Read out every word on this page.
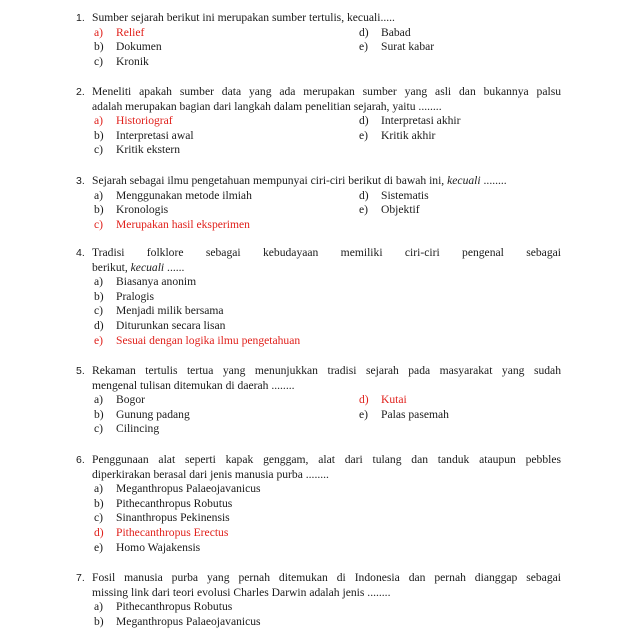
1. Sumber sejarah berikut ini merupakan sumber tertulis, kecuali.....
a) Relief	d) Babad
b) Dokumen	e) Surat kabar
c) Kronik
2. Meneliti apakah sumber data yang ada merupakan sumber yang asli dan bukannya palsu
adalah merupakan bagian dari langkah dalam penelitian sejarah, yaitu ........
a) Historiograf	d) Interpretasi akhir
b) Interpretasi awal	e) Kritik akhir
c) Kritik ekstern
3. Sejarah sebagai ilmu pengetahuan mempunyai ciri-ciri berikut di bawah ini, kecuali ........
a) Menggunakan metode ilmiah	d) Sistematis
b) Kronologis	e) Objektif
c) Merupakan hasil eksperimen
4. Tradisi folklore sebagai kebudayaan memiliki ciri-ciri pengenal sebagai
berikut, kecuali ......
a) Biasanya anonim
b) Pralogis
c) Menjadi milik bersama
d) Diturunkan secara lisan
e) Sesuai dengan logika ilmu pengetahuan
5. Rekaman tertulis tertua yang menunjukkan tradisi sejarah pada masyarakat yang sudah
mengenal tulisan ditemukan di daerah ........
a) Bogor	d) Kutai
b) Gunung padang	e) Palas pasemah
c) Cilincing
6. Penggunaan alat seperti kapak genggam, alat dari tulang dan tanduk ataupun pebbles
diperkirakan berasal dari jenis manusia purba ........
a) Meganthropus Palaeojavanicus
b) Pithecanthropus Robutus
c) Sinanthropus Pekinensis
d) Pithecanthropus Erectus
e) Homo Wajakensis
7. Fosil manusia purba yang pernah ditemukan di Indonesia dan pernah dianggap sebagai
missing link dari teori evolusi Charles Darwin adalah jenis ........
a) Pithecanthropus Robutus
b) Meganthropus Palaeojavanicus
